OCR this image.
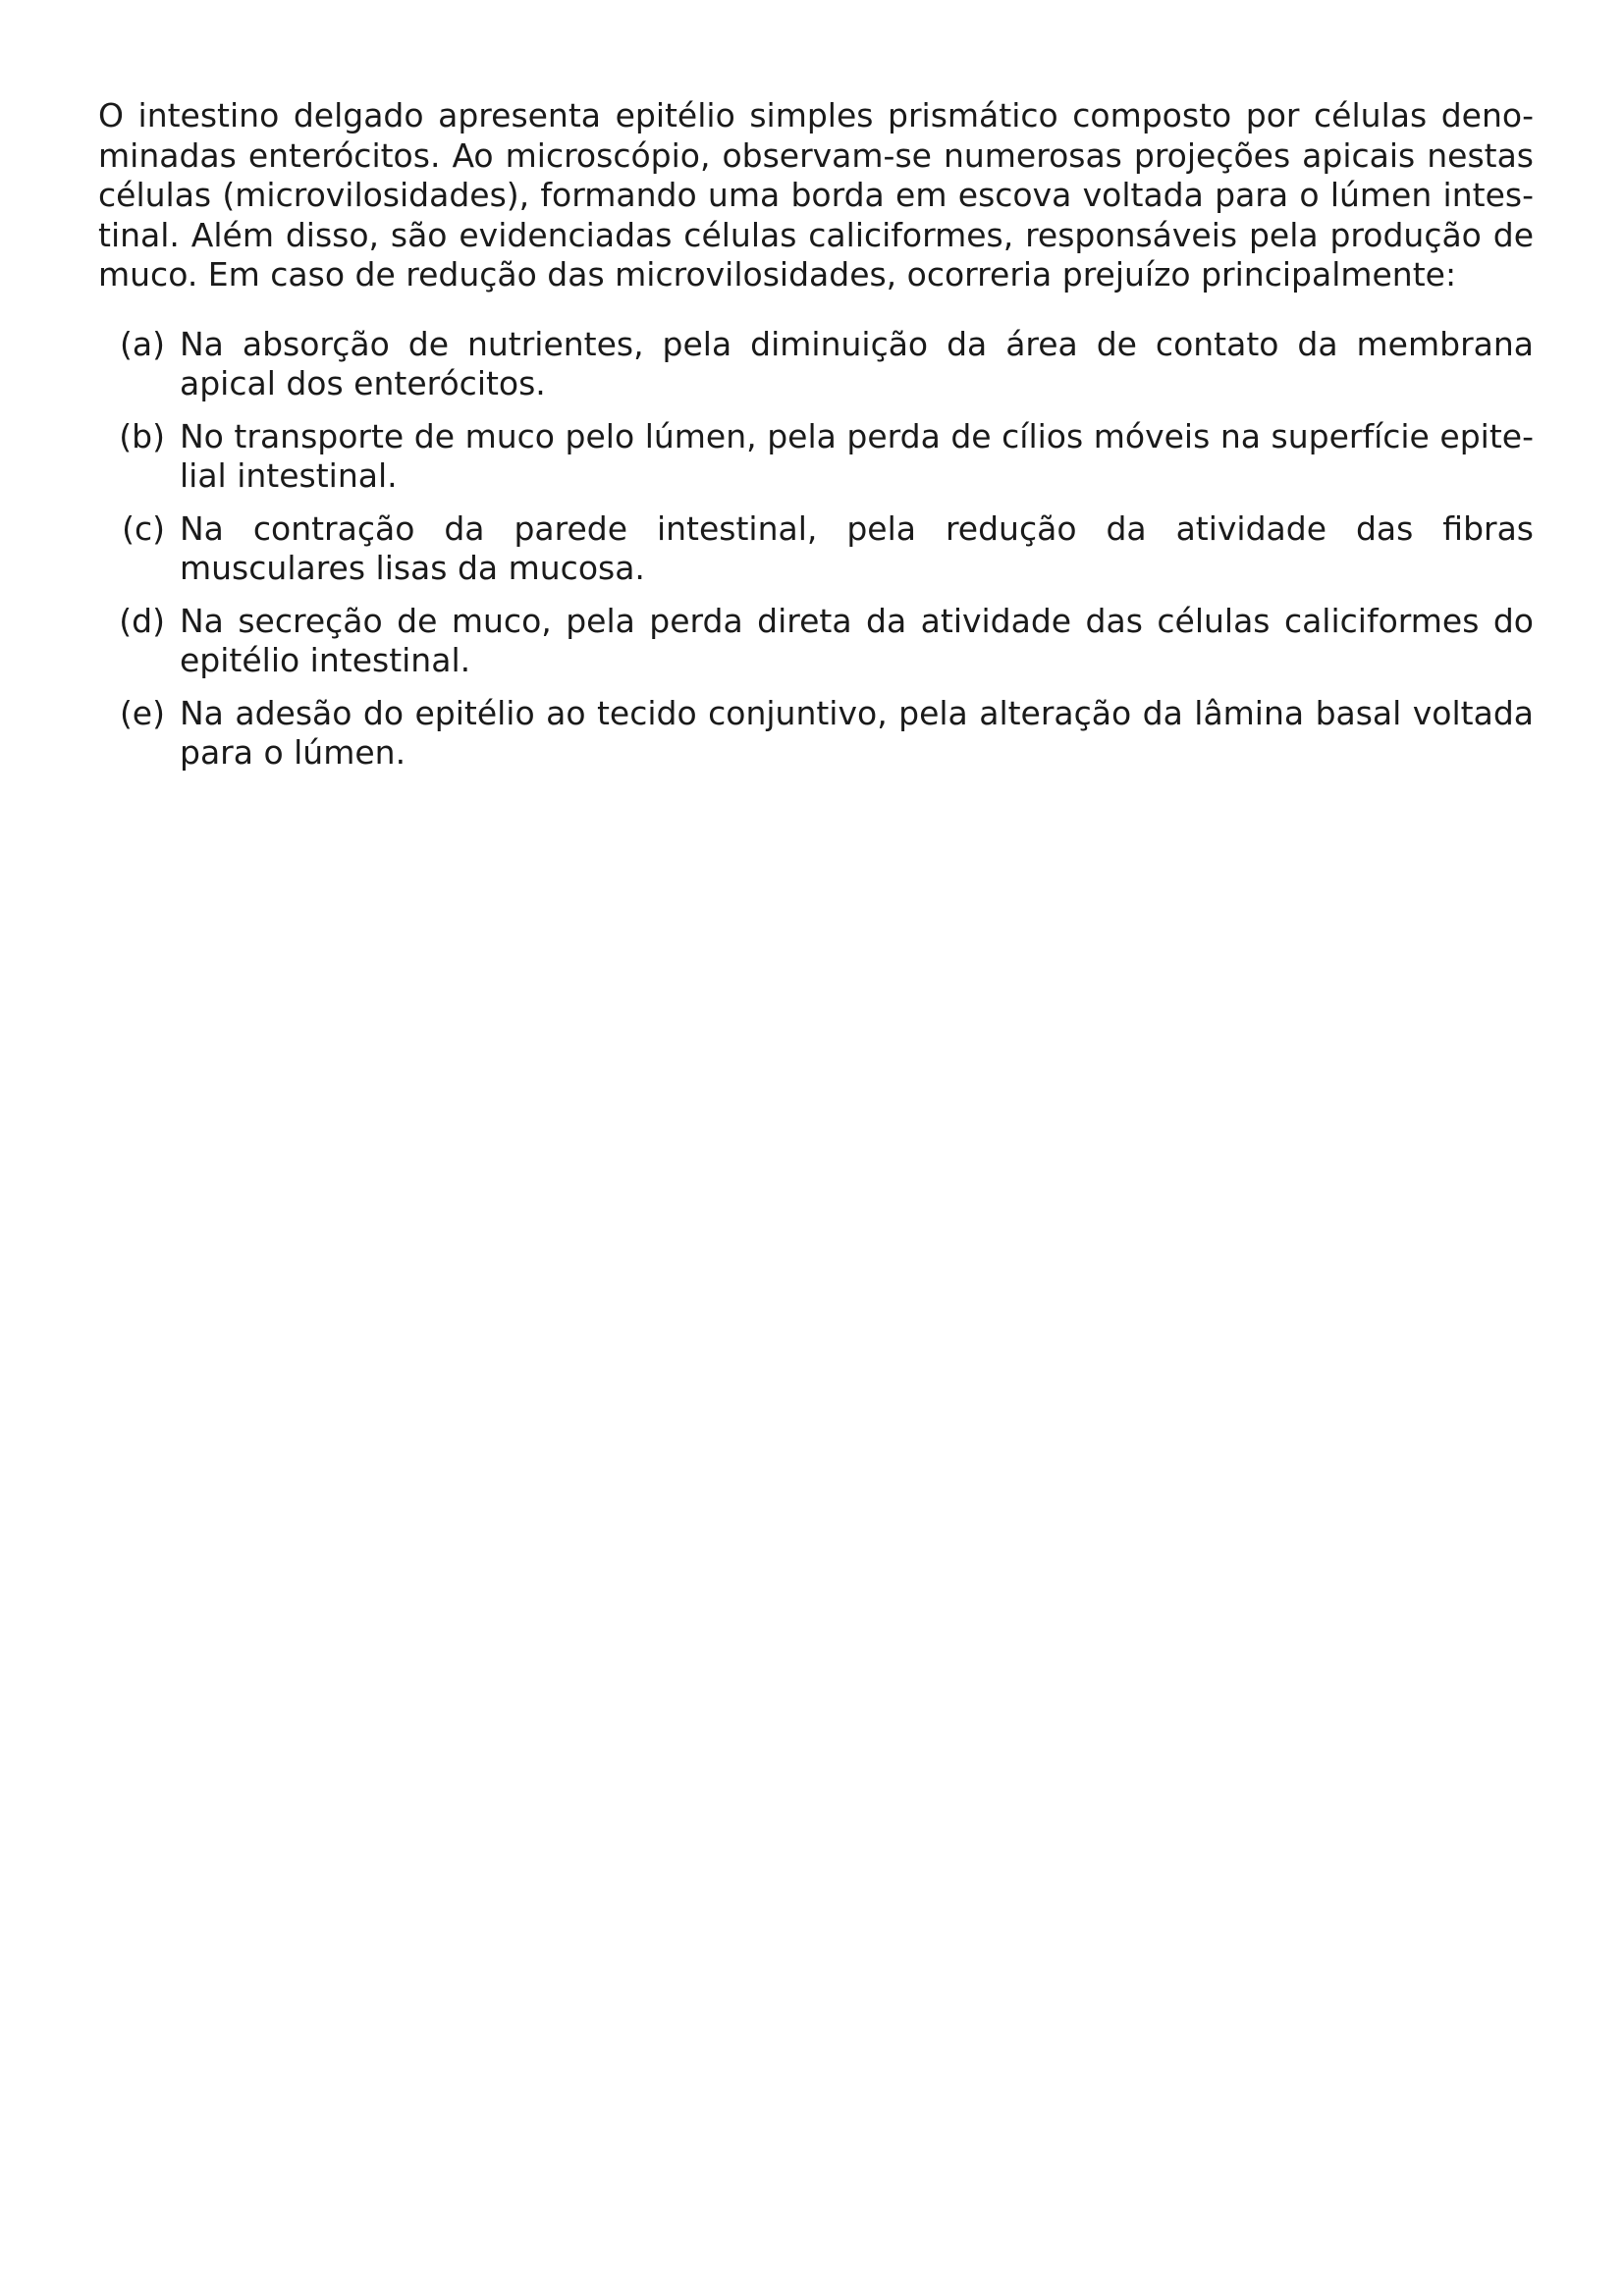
O intestino delgado apresenta epitélio simples prismático composto por células denominadas enterócitos. Ao microscópio, observam-se numerosas projeções apicais nestas células (microvilosidades), formando uma borda em escova voltada para o lúmen intestinal. Além disso, são evidenciadas células caliciformes, responsáveis pela produção de muco. Em caso de redução das microvilosidades, ocorreria prejuízo principalmente:

(a) Na absorção de nutrientes, pela diminuição da área de contato da membrana apical dos enterócitos.
(b) No transporte de muco pelo lúmen, pela perda de cílios móveis na superfície epitelial intestinal.
(c) Na contração da parede intestinal, pela redução da atividade das fibras musculares lisas da mucosa.
(d) Na secreção de muco, pela perda direta da atividade das células caliciformes do epitélio intestinal.
(e) Na adesão do epitélio ao tecido conjuntivo, pela alteração da lâmina basal voltada para o lúmen.
